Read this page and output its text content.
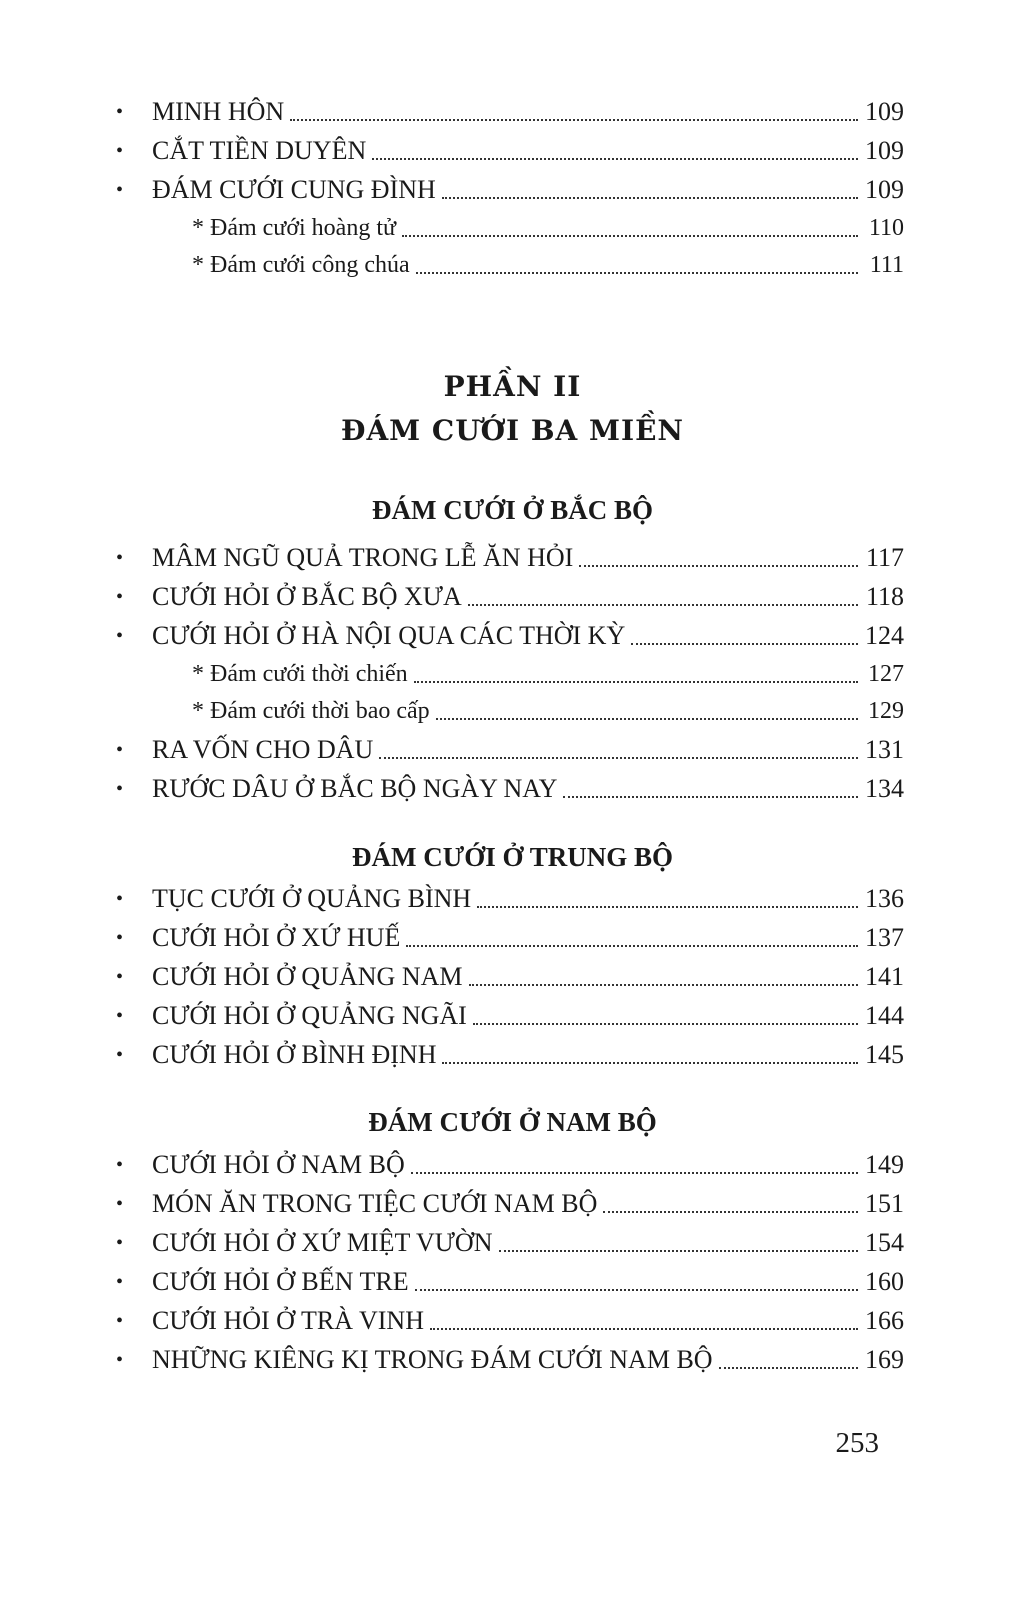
•	MINH HÔN	109
•	CẮT TIỀN DUYÊN	109
•	ĐÁM CƯỚI CUNG ĐÌNH	109
* Đám cưới hoàng tử	110
* Đám cưới công chúa	111
PHẦN II
ĐÁM CƯỚI BA MIỀN
ĐÁM CƯỚI Ở BẮC BỘ
•	MÂM NGŨ QUẢ TRONG LỄ ĂN HỎI	117
•	CƯỚI HỎI Ở BẮC BỘ XƯA	118
•	CƯỚI HỎI Ở HÀ NỘI QUA CÁC THỜI KỲ	124
* Đám cưới thời chiến	127
* Đám cưới thời bao cấp	129
•	RA VỐN CHO DÂU	131
•	RƯỚC DÂU Ở BẮC BỘ NGÀY NAY	134
ĐÁM CƯỚI Ở TRUNG BỘ
•	TỤC CƯỚI Ở QUẢNG BÌNH	136
•	CƯỚI HỎI Ở XỨ HUẾ	137
•	CƯỚI HỎI Ở QUẢNG NAM	141
•	CƯỚI HỎI Ở QUẢNG NGÃI	144
•	CƯỚI HỎI Ở BÌNH ĐỊNH	145
ĐÁM CƯỚI Ở NAM BỘ
•	CƯỚI HỎI Ở NAM BỘ	149
•	MÓN ĂN TRONG TIỆC CƯỚI NAM BỘ	151
•	CƯỚI HỎI Ở XỨ MIỆT VƯỜN	154
•	CƯỚI HỎI Ở BẾN TRE	160
•	CƯỚI HỎI Ở TRÀ VINH	166
•	NHỮNG KIÊNG KỊ TRONG ĐÁM CƯỚI NAM BỘ	169
253
